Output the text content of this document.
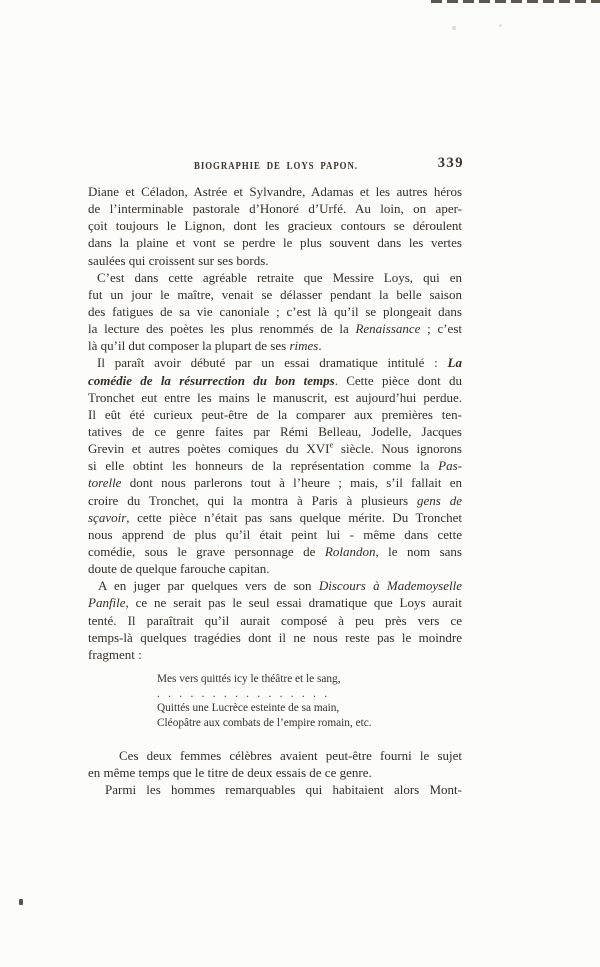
BIOGRAPHIE DE LOYS PAPON.	339
Diane et Céladon, Astrée et Sylvandre, Adamas et les autres héros
de l’interminable pastorale d’Honoré d’Urfé. Au loin, on aper-
çoit toujours le Lignon, dont les gracieux contours se déroulent
dans la plaine et vont se perdre le plus souvent dans les vertes
saulées qui croissent sur ses bords.
C’est dans cette agréable retraite que Messire Loys, qui en
fut un jour le maître, venait se délasser pendant la belle saison
des fatigues de sa vie canoniale ; c’est là qu’il se plongeait dans
la lecture des poètes les plus renommés de la Renaissance ; c’est
là qu’il dut composer la plupart de ses rimes.
Il paraît avoir débuté par un essai dramatique intitulé : La
comédie de la résurrection du bon temps. Cette pièce dont du
Tronchet eut entre les mains le manuscrit, est aujourd’hui perdue.
Il eût été curieux peut-être de la comparer aux premières ten-
tatives de ce genre faites par Rémi Belleau, Jodelle, Jacques
Grevin et autres poètes comiques du XVIe siècle. Nous ignorons
si elle obtint les honneurs de la représentation comme la Pas-
torelle dont nous parlerons tout à l’heure ; mais, s’il fallait en
croire du Tronchet, qui la montra à Paris à plusieurs gens de
sçavoir, cette pièce n’était pas sans quelque mérite. Du Tronchet
nous apprend de plus qu’il était peint lui - même dans cette
comédie, sous le grave personnage de Rolandon, le nom sans
doute de quelque farouche capitan.
A en juger par quelques vers de son Discours à Mademoyselle
Panfile, ce ne serait pas le seul essai dramatique que Loys aurait
tenté. Il paraîtrait qu’il aurait composé à peu près vers ce
temps-là quelques tragédies dont il ne nous reste pas le moindre
fragment :
Mes vers quittés icy le théâtre et le sang,
. . . . . . . . . . . . . . . .
Quittés une Lucrèce esteinte de sa main,
Cléopâtre aux combats de l’empire romain, etc.
Ces deux femmes célèbres avaient peut-être fourni le sujet
en même temps que le titre de deux essais de ce genre.
Parmi les hommes remarquables qui habitaient alors Mont-
